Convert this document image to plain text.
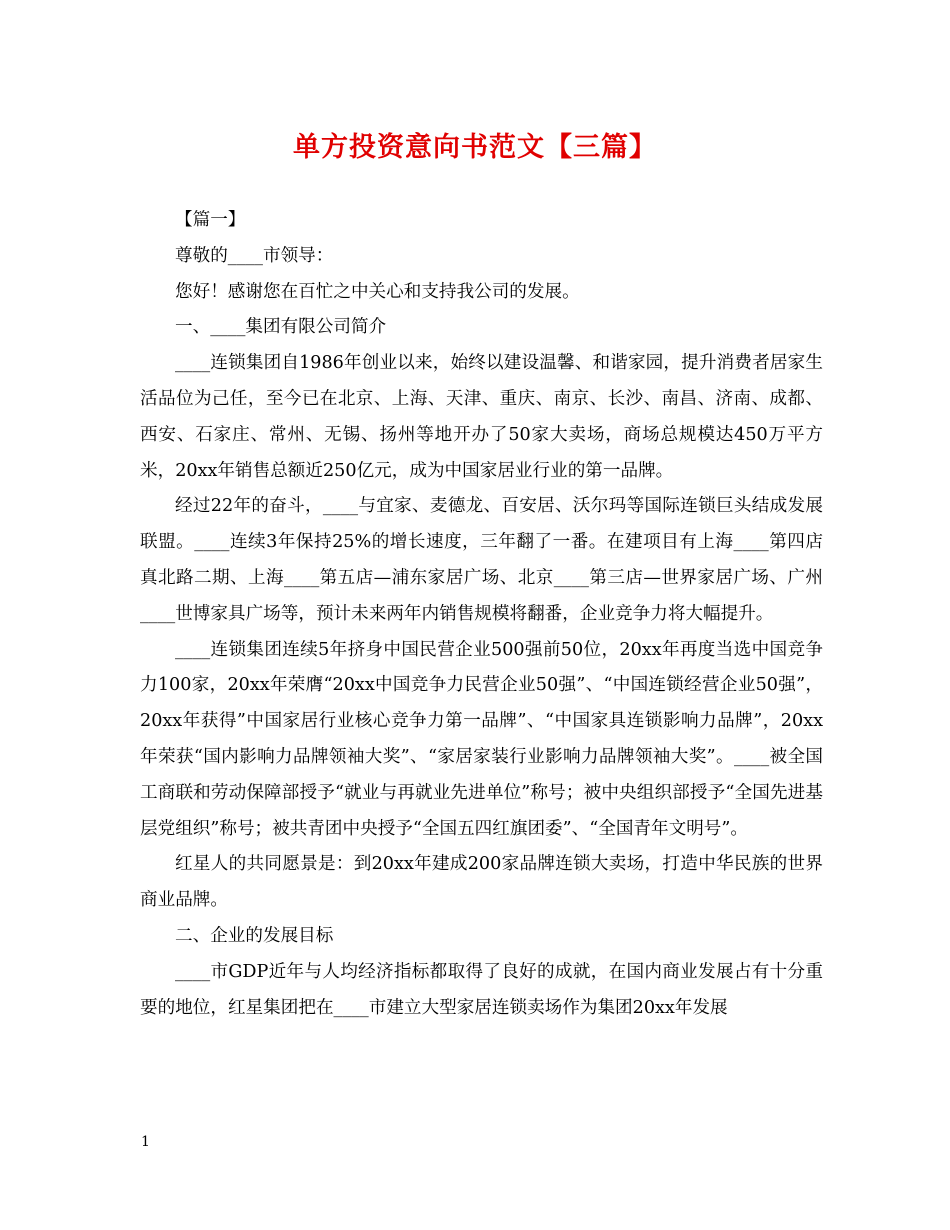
单方投资意向书范文【三篇】

【篇一】

尊敬的____市领导：

您好！感谢您在百忙之中关心和支持我公司的发展。

一、____集团有限公司简介

____连锁集团自1986年创业以来，始终以建设温馨、和谐家园，提升消费者居家生活品位为己任，至今已在北京、上海、天津、重庆、南京、长沙、南昌、济南、成都、西安、石家庄、常州、无锡、扬州等地开办了50家大卖场，商场总规模达450万平方米，20xx年销售总额近250亿元，成为中国家居业行业的第一品牌。

经过22年的奋斗，____与宜家、麦德龙、百安居、沃尔玛等国际连锁巨头结成发展联盟。____连续3年保持25%的增长速度，三年翻了一番。在建项目有上海____第四店真北路二期、上海____第五店—浦东家居广场、北京____第三店—世界家居广场、广州____世博家具广场等，预计未来两年内销售规模将翻番，企业竞争力将大幅提升。

____连锁集团连续5年挤身中国民营企业500强前50位，20xx年再度当选中国竞争力100家，20xx年荣膺“20xx中国竞争力民营企业50强”、“中国连锁经营企业50强”，20xx年获得”中国家居行业核心竞争力第一品牌”、“中国家具连锁影响力品牌”，20xx年荣获“国内影响力品牌领袖大奖”、“家居家装行业影响力品牌领袖大奖”。____被全国工商联和劳动保障部授予“就业与再就业先进单位”称号；被中央组织部授予“全国先进基层党组织”称号；被共青团中央授予“全国五四红旗团委”、“全国青年文明号”。

红星人的共同愿景是：到20xx年建成200家品牌连锁大卖场，打造中华民族的世界商业品牌。

二、企业的发展目标

____市GDP近年与人均经济指标都取得了良好的成就，在国内商业发展占有十分重要的地位，红星集团把在____市建立大型家居连锁卖场作为集团20xx年发展

1
